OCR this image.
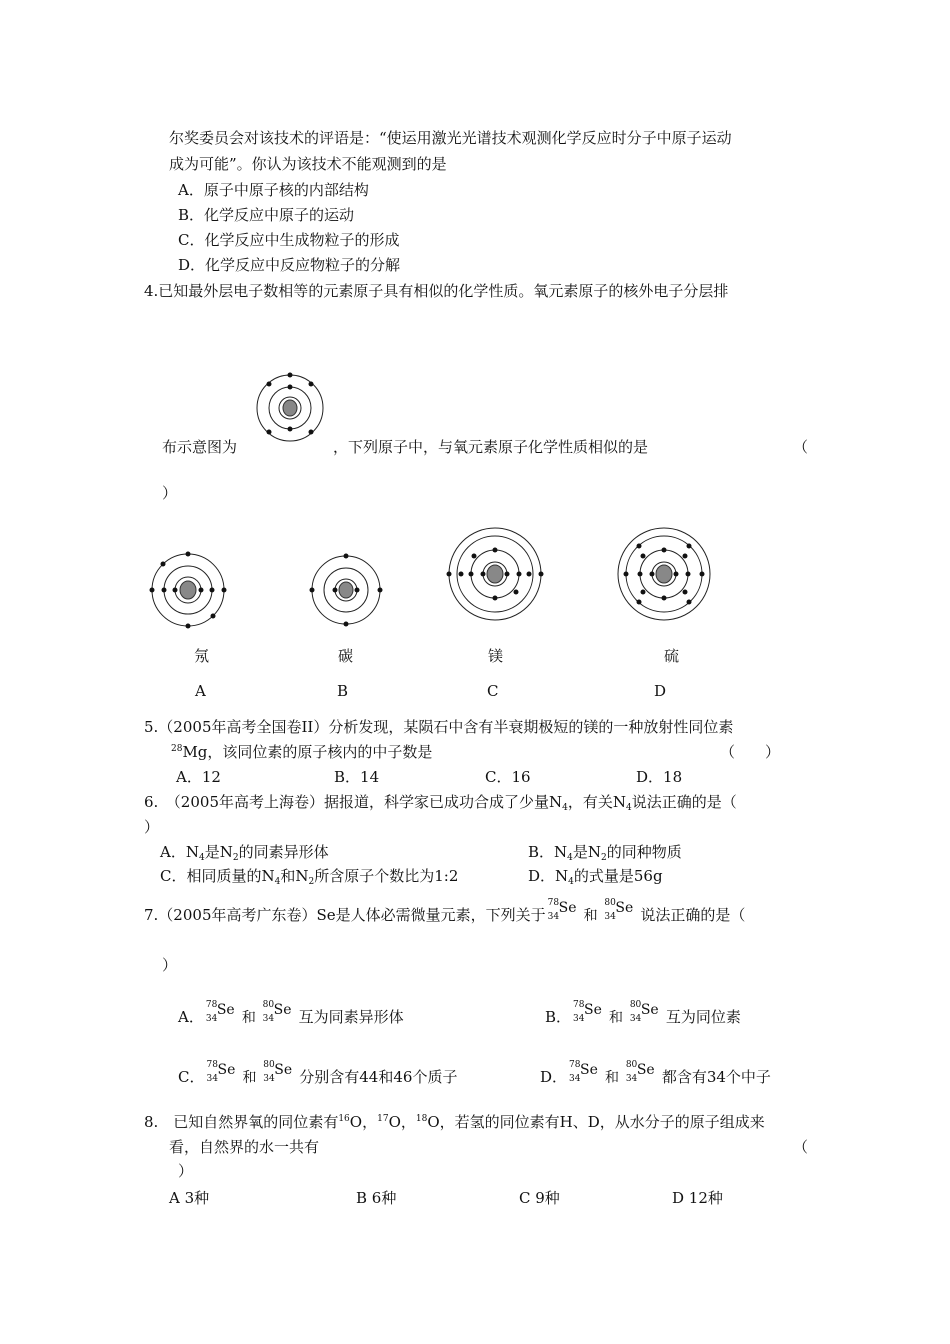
尔奖委员会对该技术的评语是：“使运用激光光谱技术观测化学反应时分子中原子运动
成为可能”。你认为该技术不能观测到的是
A．原子中原子核的内部结构
B．化学反应中原子的运动
C．化学反应中生成物粒子的形成
D．化学反应中反应物粒子的分解
4.已知最外层电子数相等的元素原子具有相似的化学性质。氧元素原子的核外电子分层排
布示意图为	，下列原子中，与氧元素原子化学性质相似的是	（
）
氖	碳	镁	硫
A	B	C	D
5.（2005年高考全国卷II）分析发现，某陨石中含有半衰期极短的镁的一种放射性同位素
$^{28}$Mg，该同位素的原子核内的中子数是	（　　）
A．12	B．14	C．16	D．18
6.　（2005年高考上海卷）据报道，科学家已成功合成了少量$N_4$，有关$N_4$说法正确的是（
）
A．$N_4$是$N_2$的同素异形体	B．$N_4$是$N_2$的同种物质
C．相同质量的$N_4$和$N_2$所含原子个数比为1:2	D．$N_4$的式量是56g
7.（2005年高考广东卷）Se是人体必需微量元素，下列关于
78
34
Se 和
80
34
Se 说法正确的是（
）
A．
78
34
Se 和
80
34
Se 互为同素异形体	B．
78
34
Se 和
80
34
Se 互为同位素
C．
78
34
Se 和
80
34
Se 分别含有44和46个质子	D．
78
34
Se 和
80
34
Se 都含有34个中子
8.　已知自然界氧的同位素有$^{16}$O，$^{17}$O，$^{18}$O，若氢的同位素有H、D，从水分子的原子组成来
看，自然界的水一共有	（
）
A 3种	B 6种	C 9种	D 12种
